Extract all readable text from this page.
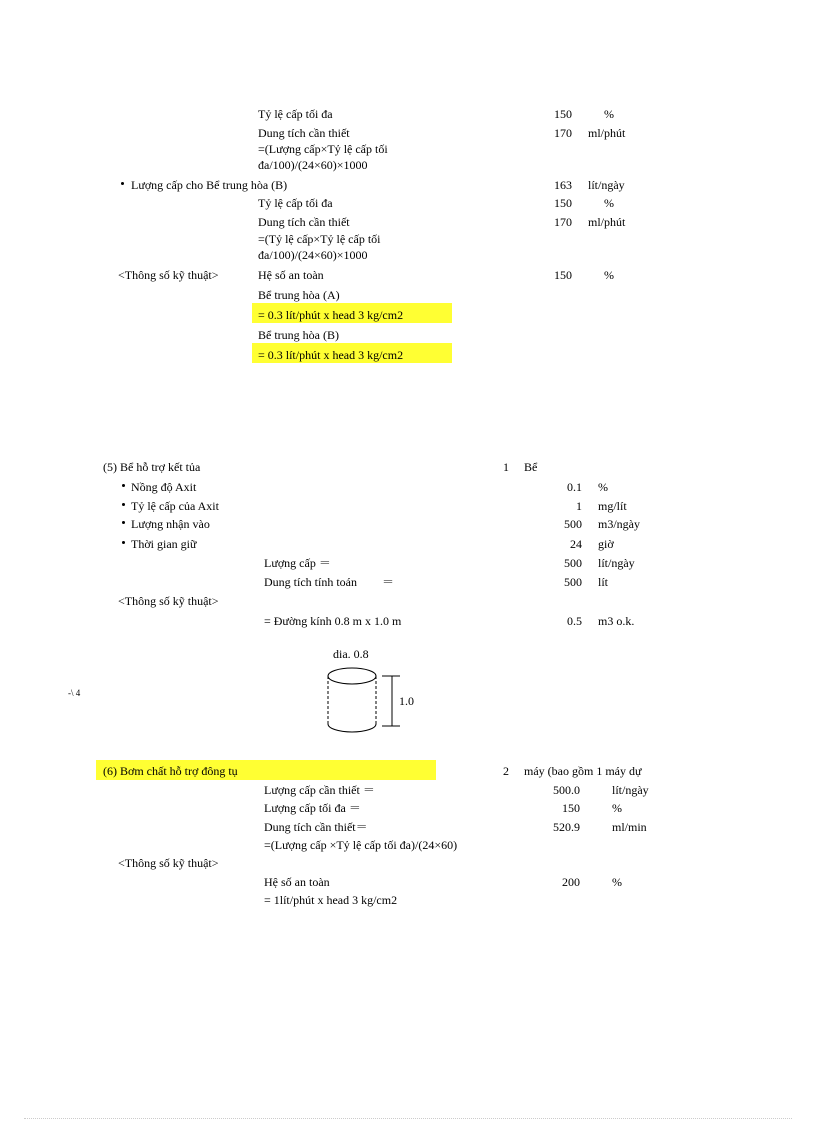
Tỷ lệ cấp tối đa	150	%
Dung tích cần thiết	170 ml/phút
=(Lượng cấp×Tỷ lệ cấp tối
đa/100)/(24×60)×1000
Lượng cấp cho Bể trung hòa (B)	163 lít/ngày
Tỷ lệ cấp tối đa	150	%
Dung tích cần thiết	170 ml/phút
=(Tỷ lệ cấp×Tỷ lệ cấp tối
đa/100)/(24×60)×1000
<Thông số kỹ thuật>	Hệ số an toàn	150	%
Bể trung hòa (A)
= 0.3 lít/phút x head 3 kg/cm2
Bể trung hòa (B)
= 0.3 lít/phút x head 3 kg/cm2
(5) Bể hỗ trợ kết tủa	1 Bể
Nồng độ Axit	0.1 %
Tỷ lệ cấp của Axit	1 mg/lít
Lượng nhận vào	500 m3/ngày
Thời gian giữ	24 giờ
Lượng cấp ＝	500 lít/ngày
Dung tích tính toán ＝	500 lít
<Thông số kỹ thuật>
= Đường kính 0.8 m x 1.0 m	0.5 m3 o.k.
dia. 0.8
1.0
-\ 4
(6) Bơm chất hỗ trợ đông tụ	2 máy (bao gồm 1 máy dự
Lượng cấp cần thiết ＝	500.0	lít/ngày
Lượng cấp tối đa ＝	150	%
Dung tích cần thiết＝	520.9	ml/min
=(Lượng cấp ×Tỷ lệ cấp tối đa)/(24×60)
<Thông số kỹ thuật>
Hệ số an toàn	200	%
= 1lít/phút x head 3 kg/cm2
